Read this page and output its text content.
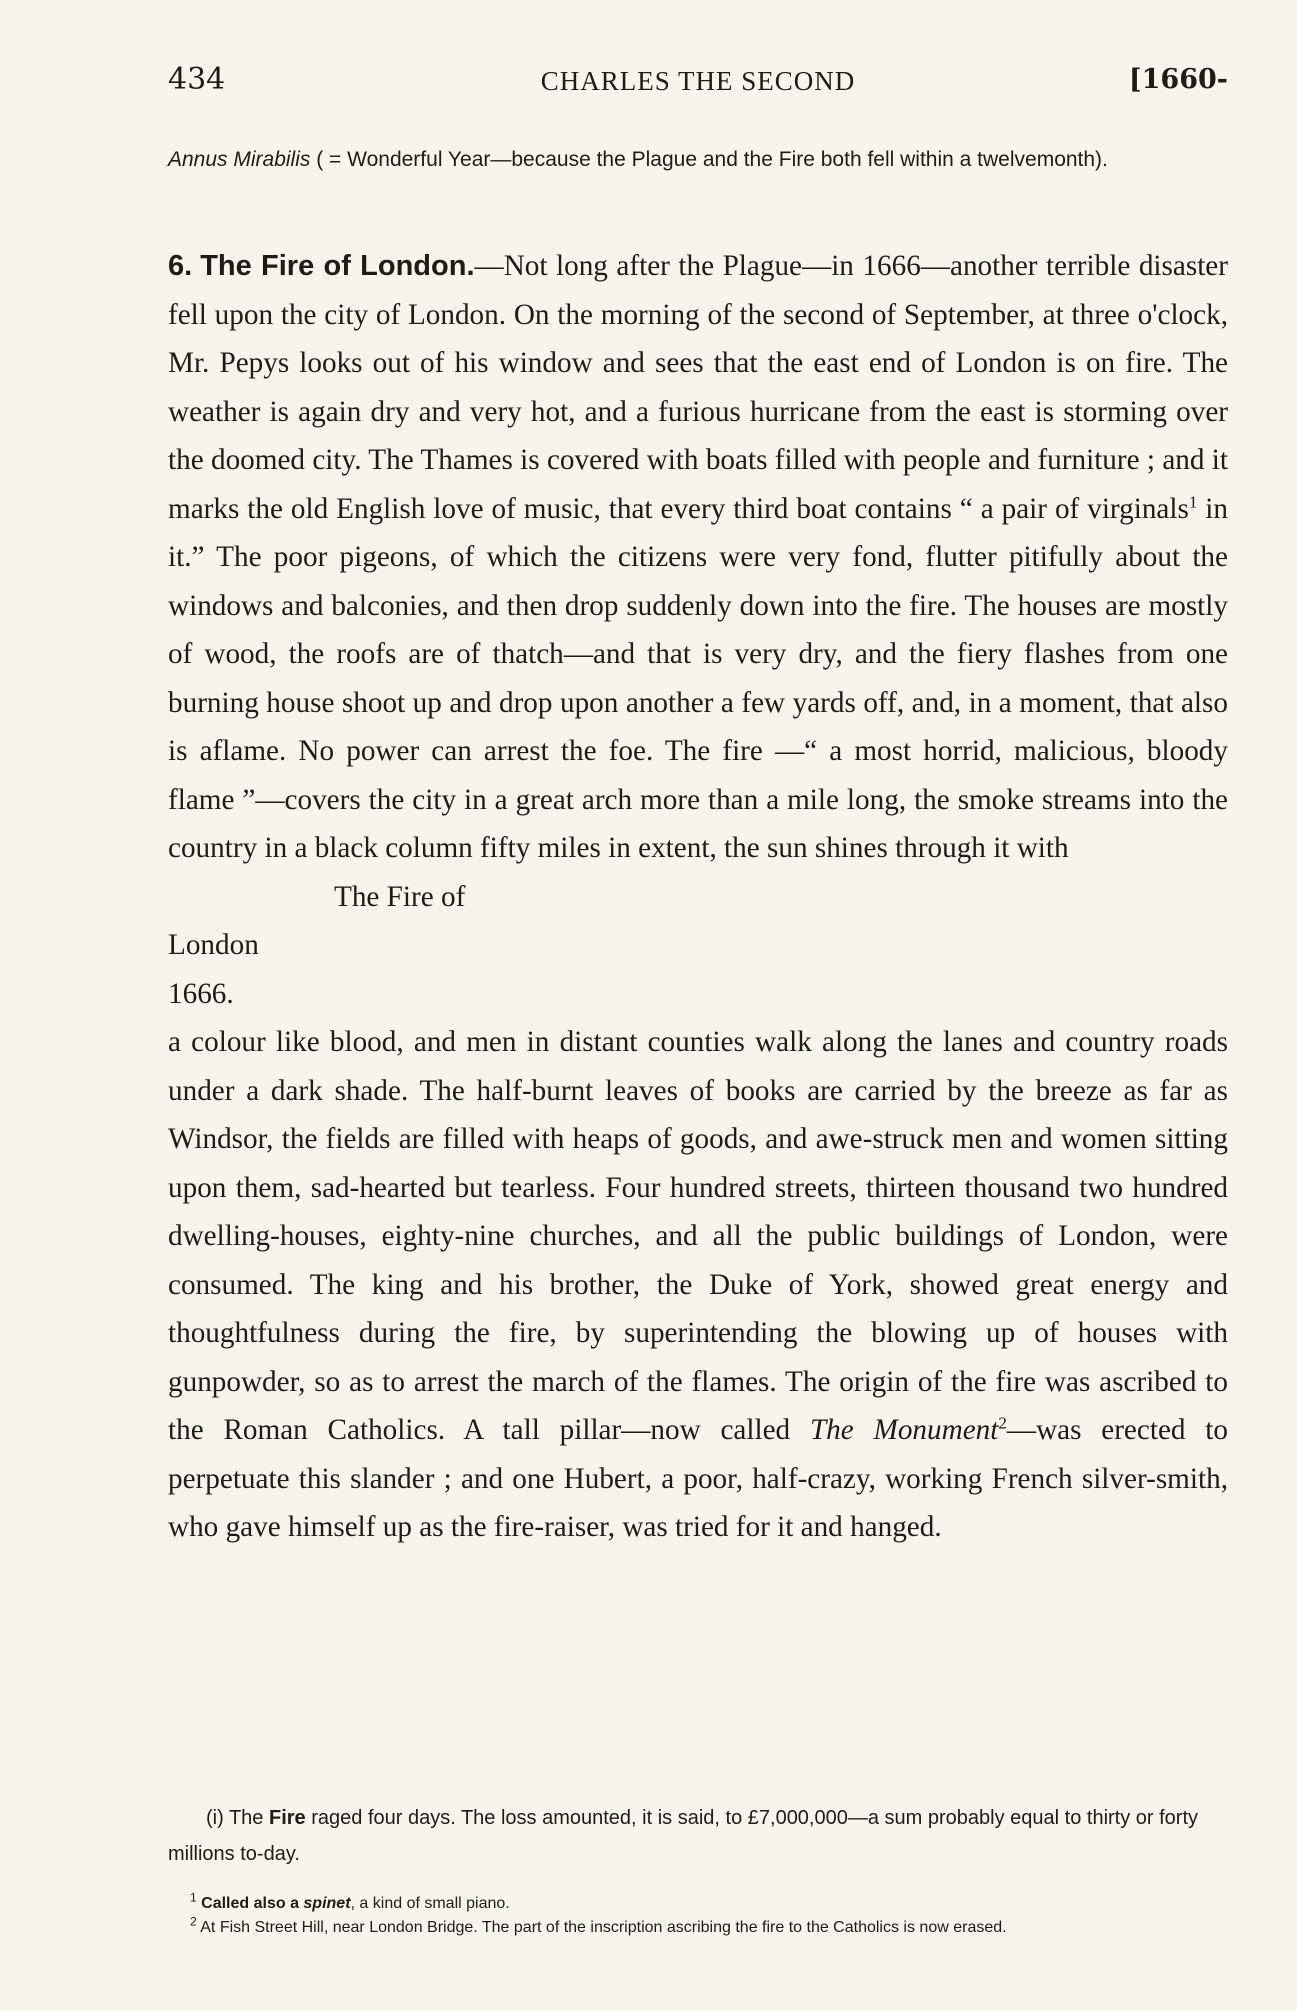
434	CHARLES THE SECOND	[1660-
Annus Mirabilis ( = Wonderful Year—because the Plague and the Fire both fell within a twelvemonth).

6. The Fire of London.—Not long after the Plague—in 1666—another terrible disaster fell upon the city of London. On the morning of the second of September, at three o'clock, Mr. Pepys looks out of his window and sees that the east end of London is on fire. The weather is again dry and very hot, and a furious hurricane from the east is storming over the doomed city. The Thames is covered with boats filled with people and furniture ; and it marks the old English love of music, that every third boat contains “ a pair of virginals$^1$ in it.” The poor pigeons, of which the citizens were very fond, flutter pitifully about the windows and balconies, and then drop suddenly down into the fire. The houses are mostly of wood, the roofs are of thatch—and that is very dry, and the fiery flashes from one burning house shoot up and drop upon another a few yards off, and, in a moment, that also is aflame. No power can arrest the foe. The fire —“ a most horrid, malicious, bloody flame ”—covers the city in a great arch more than a mile long, the smoke streams into the country in a black column fifty miles in extent, the sun shines through it with

The Fire of
London
1666.
a colour like blood, and men in distant counties walk along the lanes and country roads under a dark shade. The half-burnt leaves of books are carried by the breeze as far as Windsor, the fields are filled with heaps of goods, and awe-struck men and women sitting upon them, sad-hearted but tearless. Four hundred streets, thirteen thousand two hundred dwelling-houses, eighty-nine churches, and all the public buildings of London, were consumed. The king and his brother, the Duke of York, showed great energy and thoughtfulness during the fire, by superintending the blowing up of houses with gunpowder, so as to arrest the march of the flames. The origin of the fire was ascribed to the Roman Catholics. A tall pillar—now called The Monument$^2$—was erected to perpetuate this slander ; and one Hubert, a poor, half-crazy, working French silver-smith, who gave himself up as the fire-raiser, was tried for it and hanged.

(i) The Fire raged four days. The loss amounted, it is said, to £7,000,000—a sum probably equal to thirty or forty millions to-day.
$^1$ Called also a spinet, a kind of small piano.
$^2$ At Fish Street Hill, near London Bridge. The part of the inscription ascribing the fire to the Catholics is now erased.
